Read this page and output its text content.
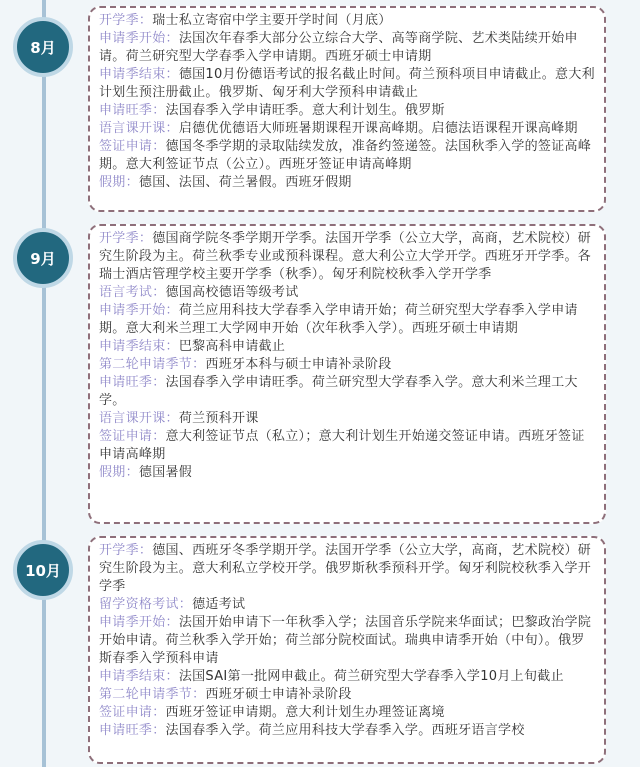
8月

开学季：瑞士私立寄宿中学主要开学时间（月底）

申请季开始：法国次年春季大部分公立综合大学、高等商学院、艺术类陆续开始申请。荷兰研究型大学春季入学申请期。西班牙硕士申请期

申请季结束：德国10月份德语考试的报名截止时间。荷兰预科项目申请截止。意大利计划生预注册截止。俄罗斯、匈牙利大学预科申请截止

申请旺季：法国春季入学申请旺季。意大利计划生。俄罗斯

语言课开课：启德优优德语大师班暑期课程开课高峰期。启德法语课程开课高峰期

签证申请：德国冬季学期的录取陆续发放，准备约签递签。法国秋季入学的签证高峰期。意大利签证节点（公立）。西班牙签证申请高峰期

假期：德国、法国、荷兰暑假。西班牙假期

9月

开学季：德国商学院冬季学期开学季。法国开学季（公立大学，高商，艺术院校）研究生阶段为主。荷兰秋季专业或预科课程。意大利公立大学开学。西班牙开学季。各瑞士酒店管理学校主要开学季（秋季）。匈牙利院校秋季入学开学季

语言考试：德国高校德语等级考试

申请季开始：荷兰应用科技大学春季入学申请开始；荷兰研究型大学春季入学申请期。意大利米兰理工大学网申开始（次年秋季入学）。西班牙硕士申请期

申请季结束：巴黎高科申请截止

第二轮申请季节：西班牙本科与硕士申请补录阶段

申请旺季：法国春季入学申请旺季。荷兰研究型大学春季入学。意大利米兰理工大学。

语言课开课：荷兰预科开课

签证申请：意大利签证节点（私立）；意大利计划生开始递交签证申请。西班牙签证申请高峰期

假期：德国暑假

10月

开学季：德国、西班牙冬季学期开学。法国开学季（公立大学，高商，艺术院校）研究生阶段为主。意大利私立学校开学。俄罗斯秋季预科开学。匈牙利院校秋季入学开学季

留学资格考试：德适考试

申请季开始：法国开始申请下一年秋季入学；法国音乐学院来华面试；巴黎政治学院开始申请。荷兰秋季入学开始；荷兰部分院校面试。瑞典申请季开始（中旬）。俄罗斯春季入学预科申请

申请季结束：法国SAI第一批网申截止。荷兰研究型大学春季入学10月上旬截止

第二轮申请季节：西班牙硕士申请补录阶段

签证申请：西班牙签证申请期。意大利计划生办理签证离境

申请旺季：法国春季入学。荷兰应用科技大学春季入学。西班牙语言学校
